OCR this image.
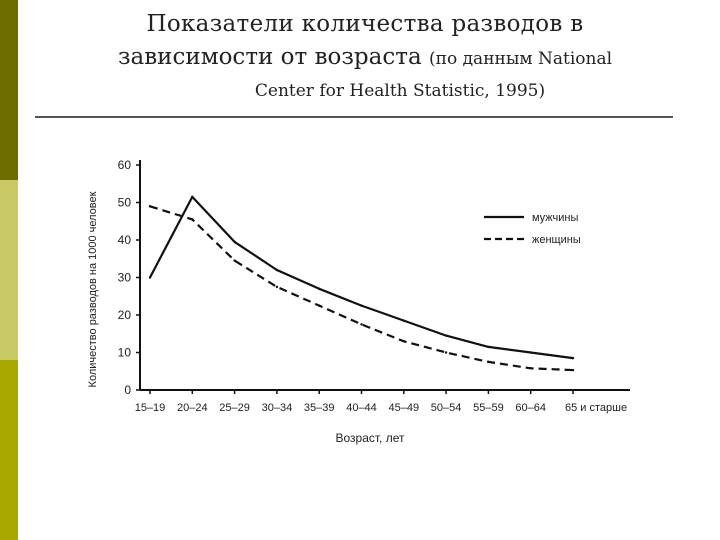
Показатели количества разводов в
зависимости от возраста (по данным National
Center for Health Statistic, 1995)
0
10
20
30
40
50
60
15–19 20–24 25–29 30–34 35–39 40–44 45–49 50–54 55–59 60–64 65 и старше
Возраст, лет
Количество разводов на 1000 человек	мужчины
женщины
